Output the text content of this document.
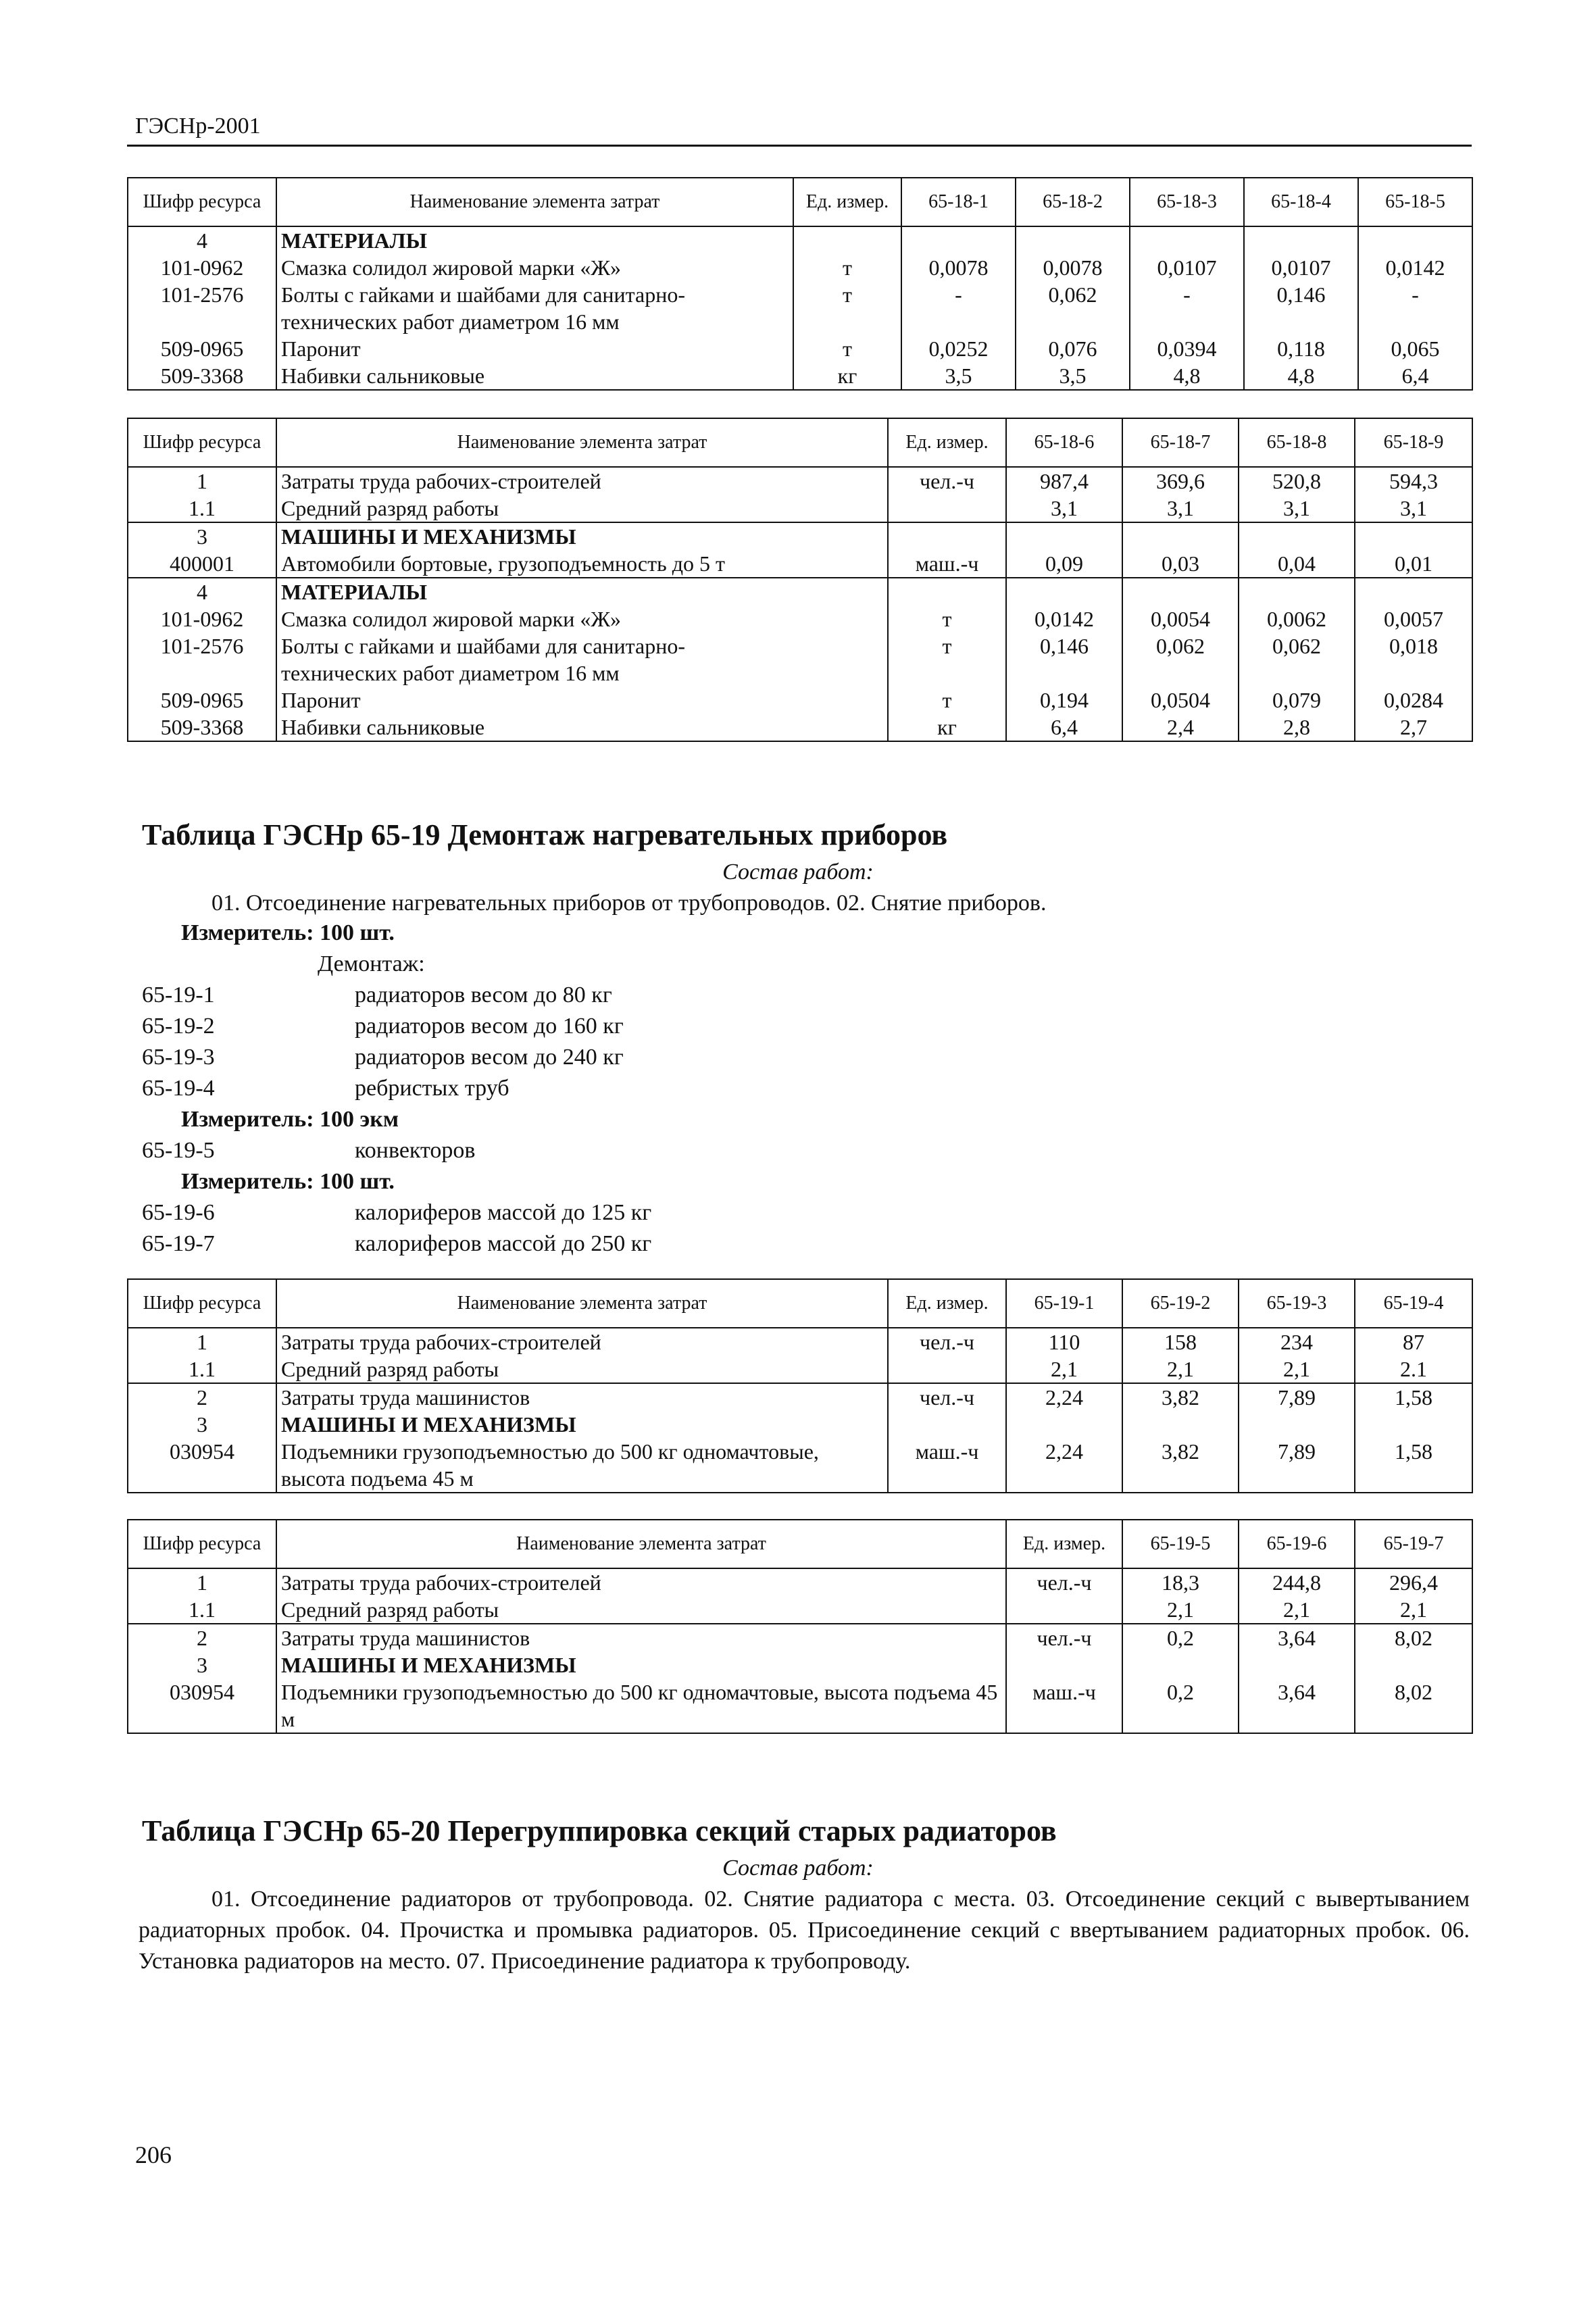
ГЭСНр-2001
Шифр ресурса	Наименование элемента затрат	Ед. измер.	65-18-1	65-18-2	65-18-3	65-18-4	65-18-5
4	МАТЕРИАЛЫ						
101-0962	Смазка солидол жировой марки «Ж»	т	0,0078	0,0078	0,0107	0,0107	0,0142
101-2576	Болты с гайками и шайбами для санитарно-	т	-	0,062	-	0,146	-
	технических работ диаметром 16 мм						
509-0965	Паронит	т	0,0252	0,076	0,0394	0,118	0,065
509-3368	Набивки сальниковые	кг	3,5	3,5	4,8	4,8	6,4
Шифр ресурса	Наименование элемента затрат	Ед. измер.	65-18-6	65-18-7	65-18-8	65-18-9
1	Затраты труда рабочих-строителей	чел.-ч	987,4	369,6	520,8	594,3
1.1	Средний разряд работы		3,1	3,1	3,1	3,1
3	МАШИНЫ И МЕХАНИЗМЫ					
400001	Автомобили бортовые, грузоподъемность до 5 т	маш.-ч	0,09	0,03	0,04	0,01
4	МАТЕРИАЛЫ					
101-0962	Смазка солидол жировой марки «Ж»	т	0,0142	0,0054	0,0062	0,0057
101-2576	Болты с гайками и шайбами для санитарно-	т	0,146	0,062	0,062	0,018
	технических работ диаметром 16 мм					
509-0965	Паронит	т	0,194	0,0504	0,079	0,0284
509-3368	Набивки сальниковые	кг	6,4	2,4	2,8	2,7
Таблица ГЭСНр 65-19 Демонтаж нагревательных приборов
Состав работ:
01. Отсоединение нагревательных приборов от трубопроводов. 02. Снятие приборов.
Измеритель: 100 шт.
Демонтаж:
65-19-1	радиаторов весом до 80 кг
65-19-2	радиаторов весом до 160 кг
65-19-3	радиаторов весом до 240 кг
65-19-4	ребристых труб
Измеритель: 100 экм
65-19-5	конвекторов
Измеритель: 100 шт.
65-19-6	калориферов массой до 125 кг
65-19-7	калориферов массой до 250 кг
Шифр ресурса	Наименование элемента затрат	Ед. измер.	65-19-1	65-19-2	65-19-3	65-19-4
1	Затраты труда рабочих-строителей	чел.-ч	110	158	234	87
1.1	Средний разряд работы		2,1	2,1	2,1	2.1
2	Затраты труда машинистов	чел.-ч	2,24	3,82	7,89	1,58
3	МАШИНЫ И МЕХАНИЗМЫ					
030954	Подъемники грузоподъемностью до 500 кг одномачтовые, высота подъема 45 м	маш.-ч	2,24	3,82	7,89	1,58
Шифр ресурса	Наименование элемента затрат	Ед. измер.	65-19-5	65-19-6	65-19-7
1	Затраты труда рабочих-строителей	чел.-ч	18,3	244,8	296,4
1.1	Средний разряд работы		2,1	2,1	2,1
2	Затраты труда машинистов	чел.-ч	0,2	3,64	8,02
3	МАШИНЫ И МЕХАНИЗМЫ				
030954	Подъемники грузоподъемностью до 500 кг одномачтовые, высота подъема 45 м	маш.-ч	0,2	3,64	8,02
Таблица ГЭСНр 65-20 Перегруппировка секций старых радиаторов
Состав работ:
01. Отсоединение радиаторов от трубопровода. 02. Снятие радиатора с места. 03. Отсоединение секций с вывертыванием радиаторных пробок. 04. Прочистка и промывка радиаторов. 05. Присоединение секций с ввертыванием радиаторных пробок. 06. Установка радиаторов на место. 07. Присоединение радиатора к трубопроводу.
206
